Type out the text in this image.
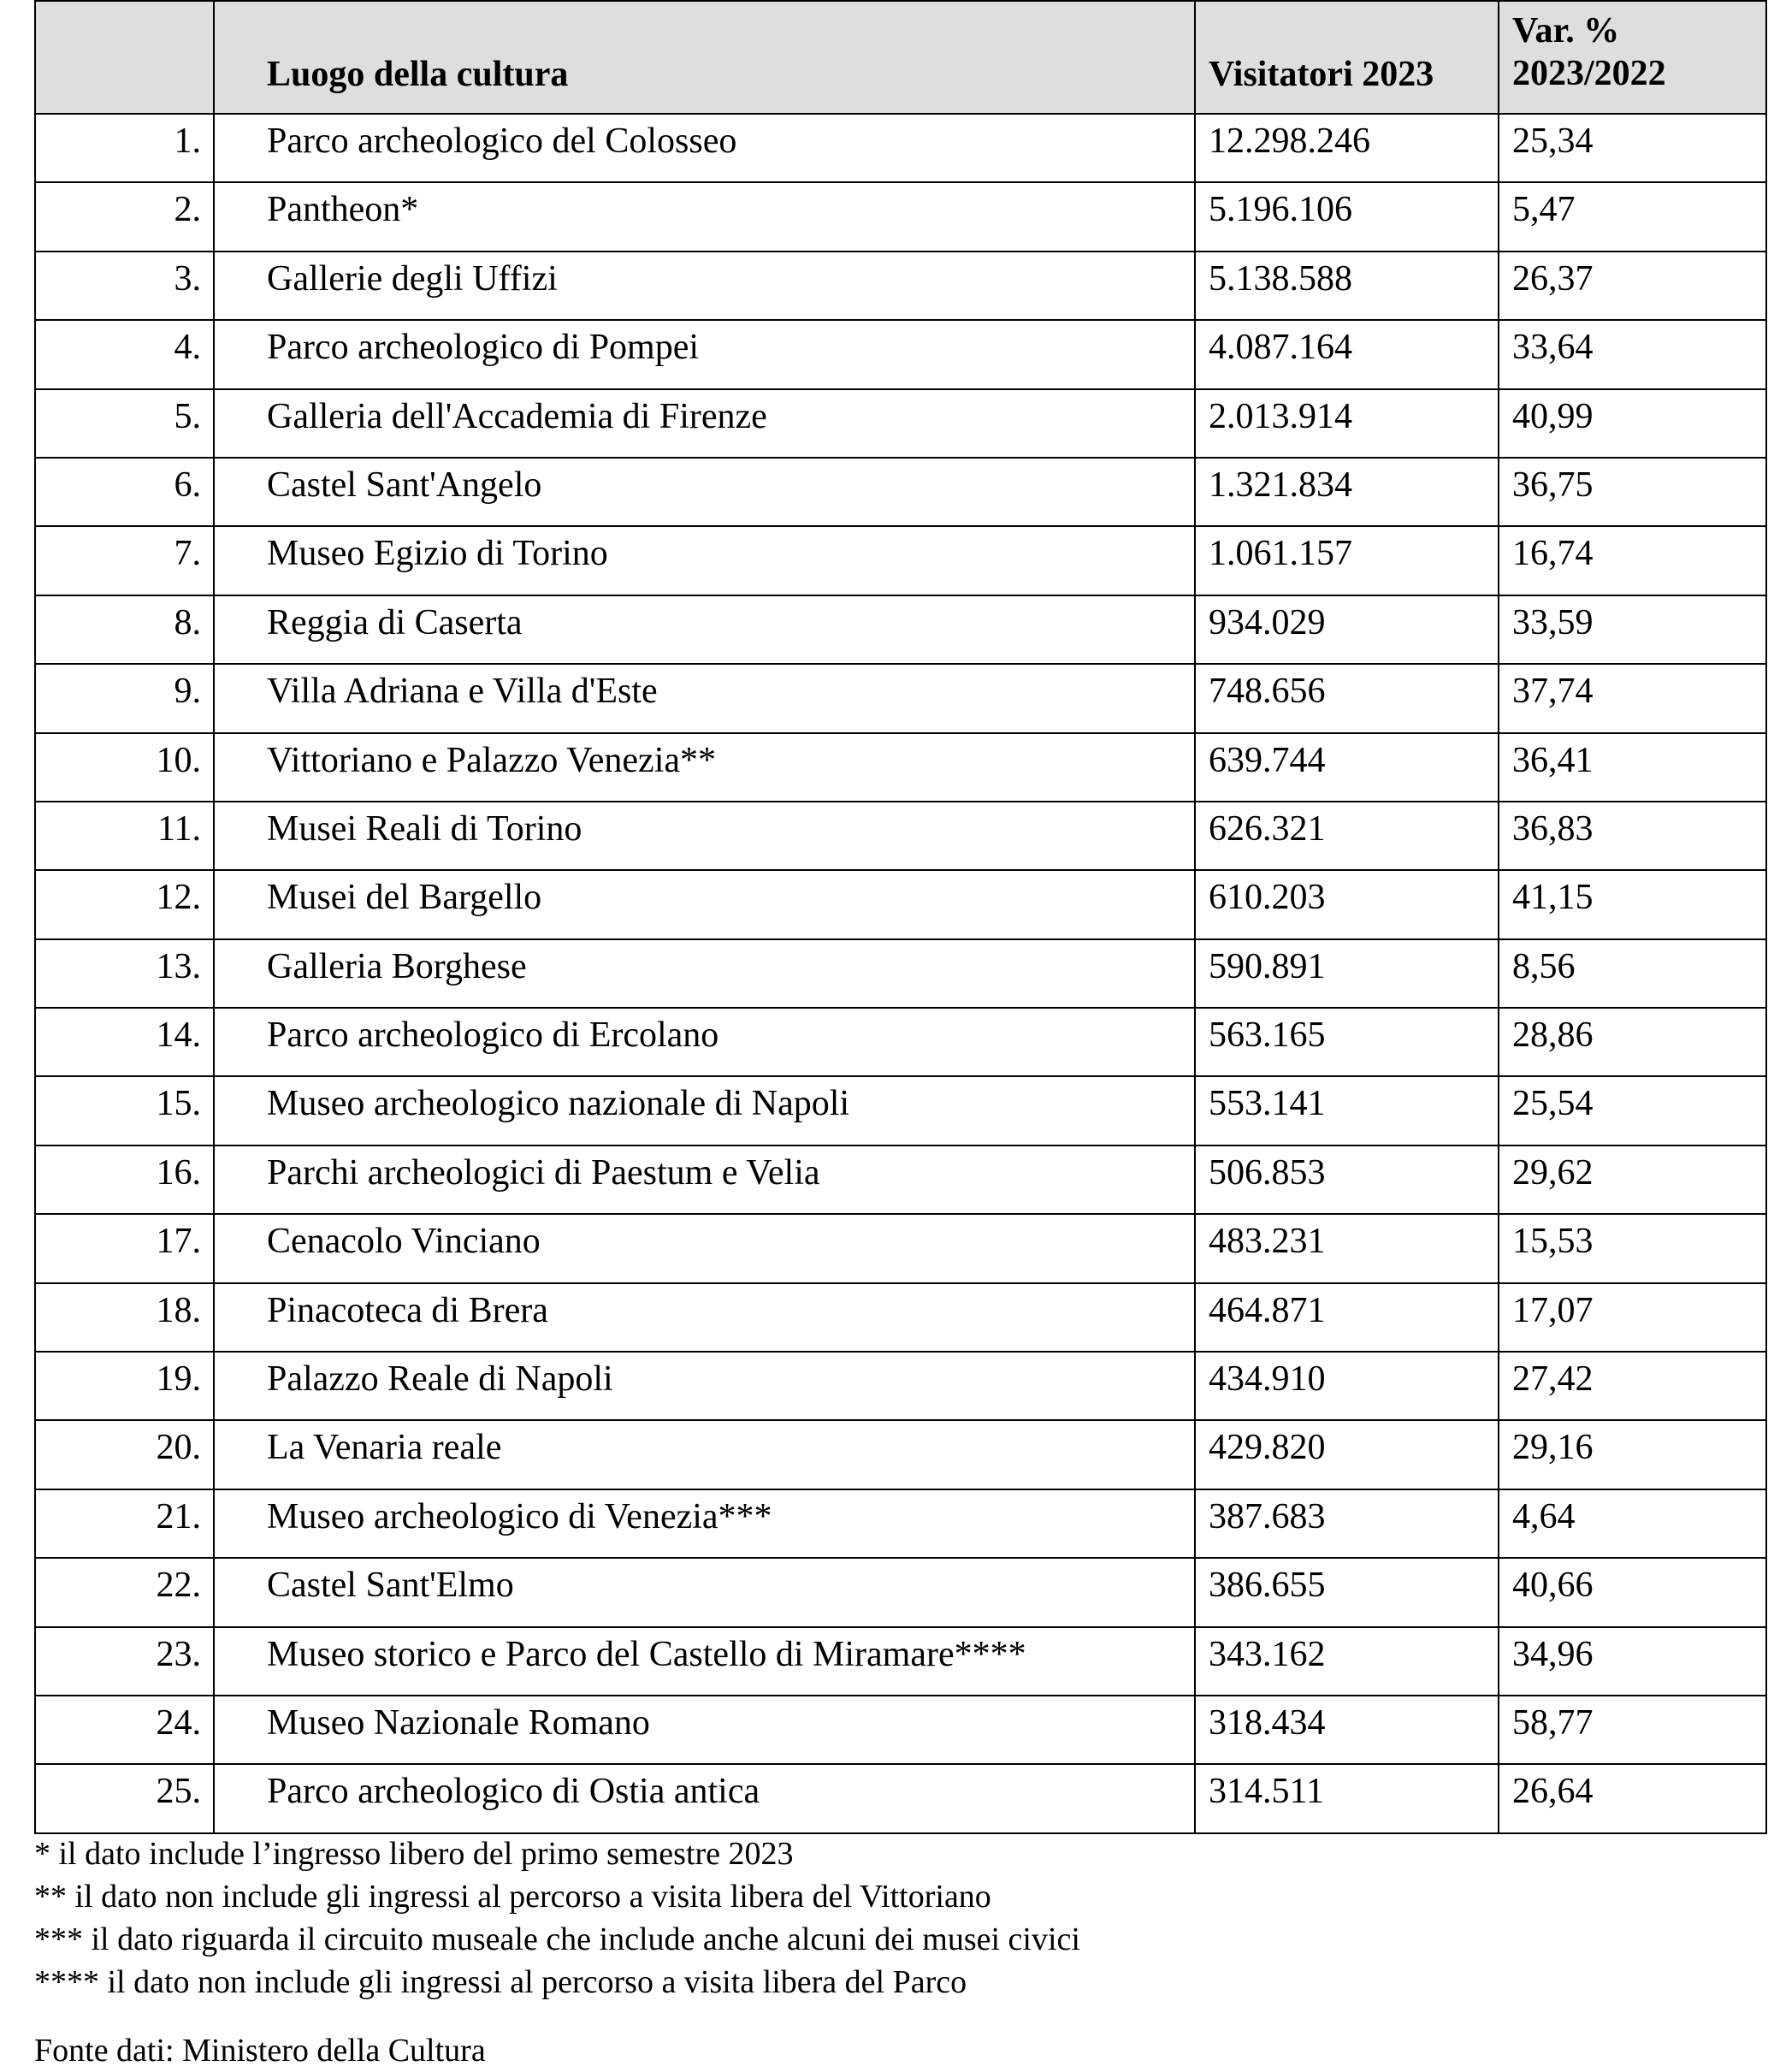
	Luogo della cultura	Visitatori 2023	Var. %
2023/2022

1.	Parco archeologico del Colosseo	12.298.246	25,34
2.	Pantheon*	5.196.106	5,47
3.	Gallerie degli Uffizi	5.138.588	26,37
4.	Parco archeologico di Pompei	4.087.164	33,64
5.	Galleria dell'Accademia di Firenze	2.013.914	40,99
6.	Castel Sant'Angelo	1.321.834	36,75
7.	Museo Egizio di Torino	1.061.157	16,74
8.	Reggia di Caserta	934.029	33,59
9.	Villa Adriana e Villa d'Este	748.656	37,74
10.	Vittoriano e Palazzo Venezia**	639.744	36,41
11.	Musei Reali di Torino	626.321	36,83
12.	Musei del Bargello	610.203	41,15
13.	Galleria Borghese	590.891	8,56
14.	Parco archeologico di Ercolano	563.165	28,86
15.	Museo archeologico nazionale di Napoli	553.141	25,54
16.	Parchi archeologici di Paestum e Velia	506.853	29,62
17.	Cenacolo Vinciano	483.231	15,53
18.	Pinacoteca di Brera	464.871	17,07
19.	Palazzo Reale di Napoli	434.910	27,42
20.	La Venaria reale	429.820	29,16
21.	Museo archeologico di Venezia***	387.683	4,64
22.	Castel Sant'Elmo	386.655	40,66
23.	Museo storico e Parco del Castello di Miramare****	343.162	34,96
24.	Museo Nazionale Romano	318.434	58,77
25.	Parco archeologico di Ostia antica	314.511	26,64
* il dato include l’ingresso libero del primo semestre 2023
** il dato non include gli ingressi al percorso a visita libera del Vittoriano
*** il dato riguarda il circuito museale che include anche alcuni dei musei civici
**** il dato non include gli ingressi al percorso a visita libera del Parco
Fonte dati: Ministero della Cultura
